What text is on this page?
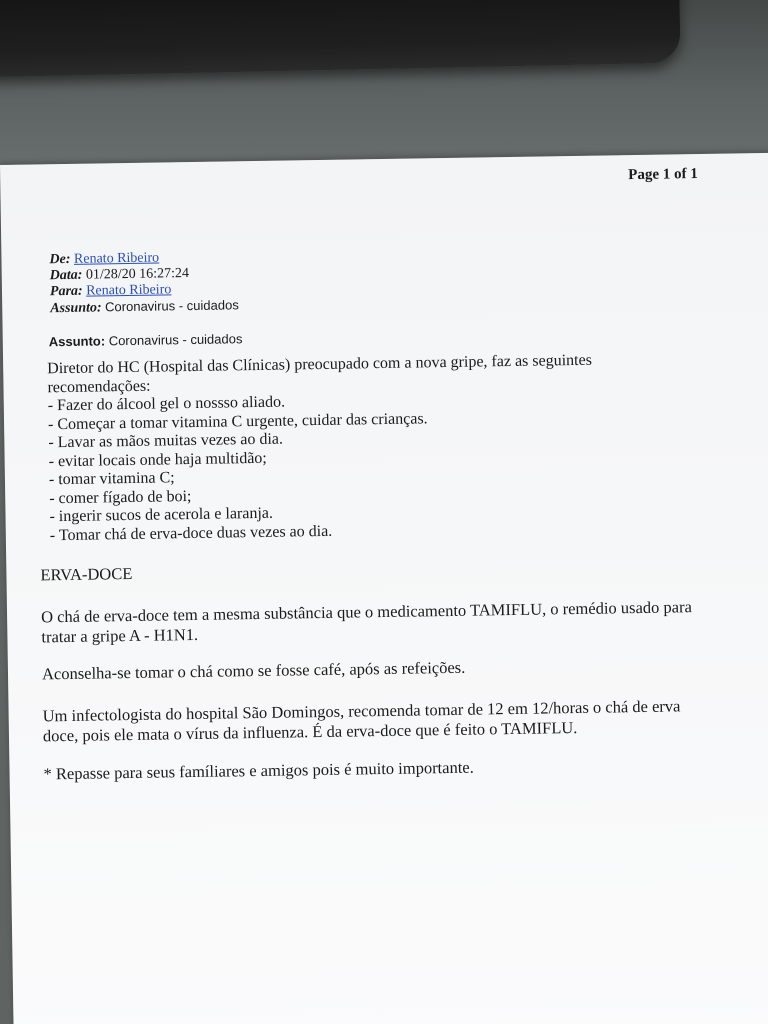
Page 1 of 1
De: Renato Ribeiro
Data: 01/28/20 16:27:24
Para: Renato Ribeiro
Assunto: Coronavirus - cuidados
Assunto: Coronavirus - cuidados
Diretor do HC (Hospital das Clínicas) preocupado com a nova gripe, faz as seguintes
recomendações:
- Fazer do álcool gel o nossso aliado.
- Começar a tomar vitamina C urgente, cuidar das crianças.
- Lavar as mãos muitas vezes ao dia.
- evitar locais onde haja multidão;
- tomar vitamina C;
- comer fígado de boi;
- ingerir sucos de acerola e laranja.
- Tomar chá de erva-doce duas vezes ao dia.
ERVA-DOCE
O chá de erva-doce tem a mesma substância que o medicamento TAMIFLU, o remédio usado para
tratar a gripe A - H1N1.
Aconselha-se tomar o chá como se fosse café, após as refeições.
Um infectologista do hospital São Domingos, recomenda tomar de 12 em 12/horas o chá de erva
doce, pois ele mata o vírus da influenza. É da erva-doce que é feito o TAMIFLU.
* Repasse para seus famíliares e amigos pois é muito importante.
